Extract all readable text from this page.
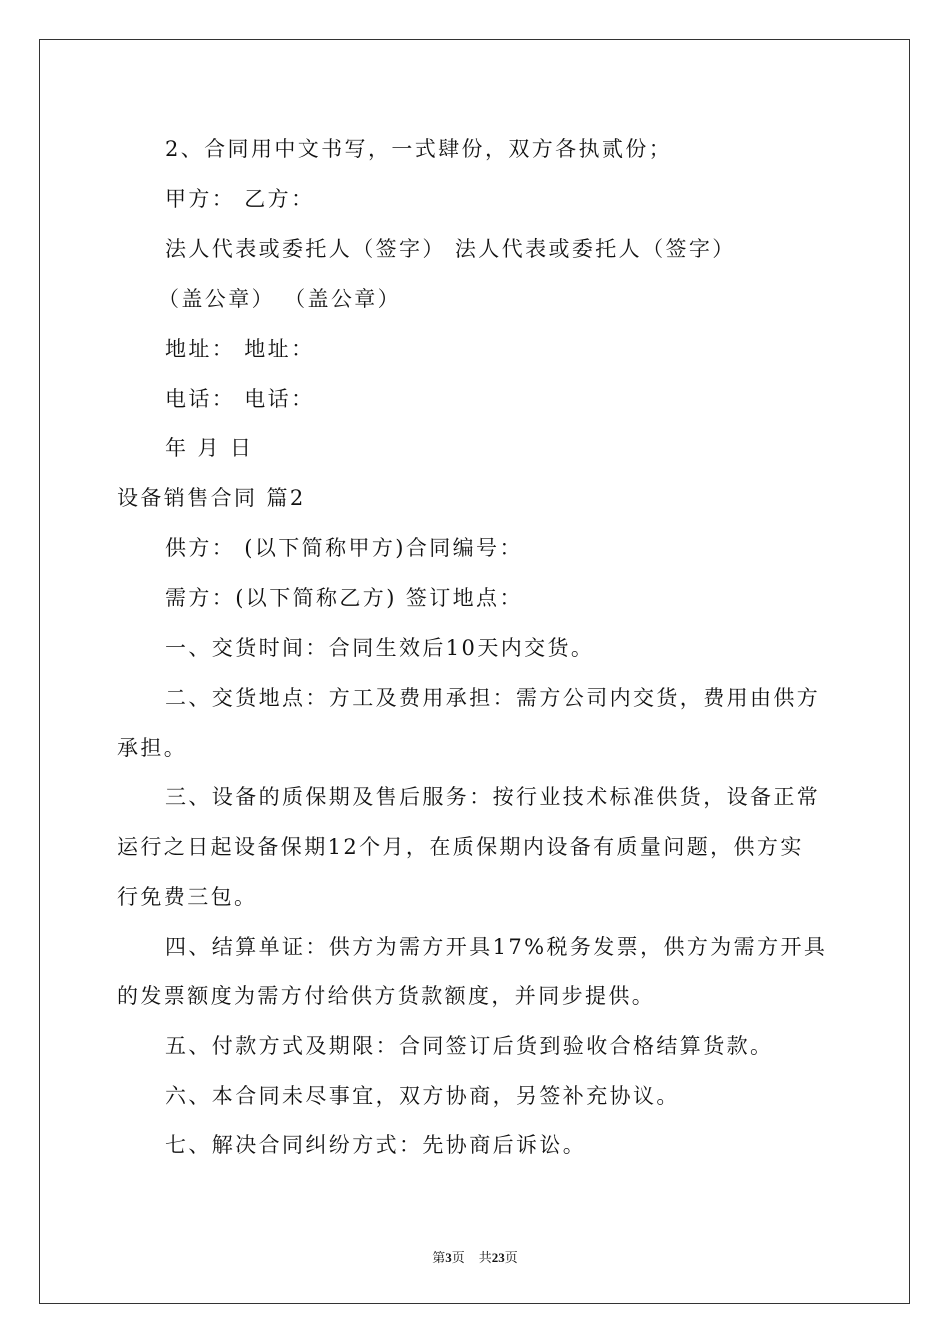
2、合同用中文书写，一式肆份，双方各执贰份；
甲方： 乙方：
法人代表或委托人（签字） 法人代表或委托人（签字）
（盖公章） （盖公章）
地址： 地址：
电话： 电话：
年 月 日
设备销售合同 篇2
供方： (以下简称甲方)合同编号：
需方：(以下简称乙方) 签订地点：
一、交货时间：合同生效后10天内交货。
二、交货地点：方工及费用承担：需方公司内交货，费用由供方
承担。
三、设备的质保期及售后服务：按行业技术标准供货，设备正常
运行之日起设备保期12个月，在质保期内设备有质量问题，供方实
行免费三包。
四、结算单证：供方为需方开具17%税务发票，供方为需方开具
的发票额度为需方付给供方货款额度，并同步提供。
五、付款方式及期限：合同签订后货到验收合格结算货款。
六、本合同未尽事宜，双方协商，另签补充协议。
七、解决合同纠纷方式：先协商后诉讼。
第3页 共23页
